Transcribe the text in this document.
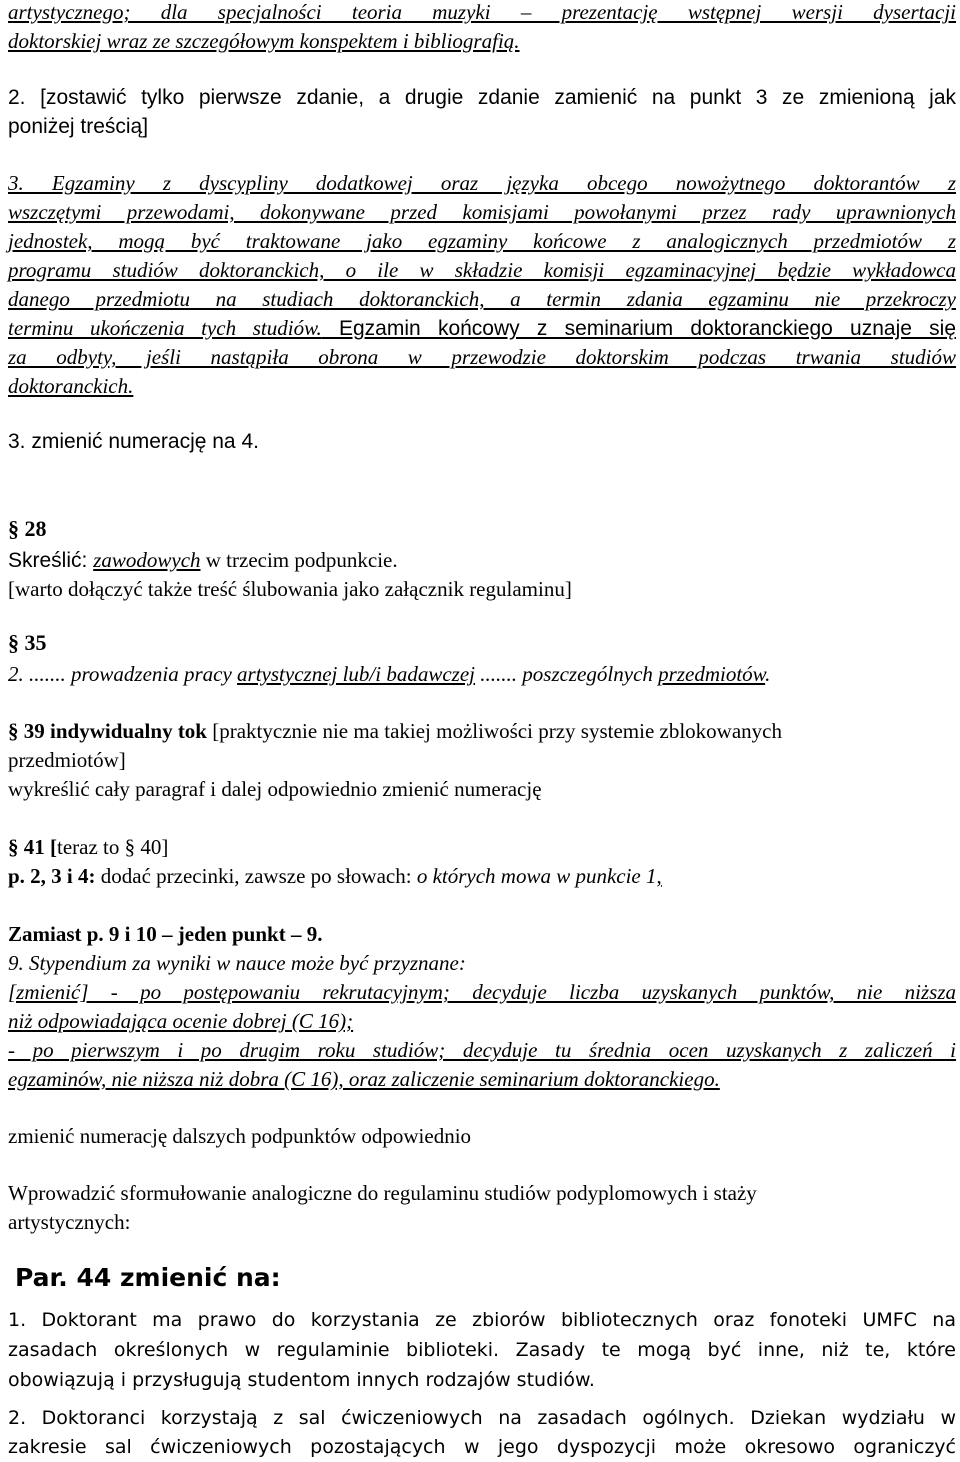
artystycznego; dla specjalności teoria muzyki – prezentację wstępnej wersji dysertacji
doktorskiej wraz ze szczegółowym konspektem i bibliografią.
2. [zostawić tylko pierwsze zdanie, a drugie zdanie zamienić na punkt 3 ze zmienioną jak
poniżej treścią]
3. Egzaminy z dyscypliny dodatkowej oraz języka obcego nowożytnego doktorantów z
wszczętymi przewodami, dokonywane przed komisjami powołanymi przez rady uprawnionych
jednostek, mogą być traktowane jako egzaminy końcowe z analogicznych przedmiotów z
programu studiów doktoranckich, o ile w składzie komisji egzaminacyjnej będzie wykładowca
danego przedmiotu na studiach doktoranckich, a termin zdania egzaminu nie przekroczy
terminu ukończenia tych studiów. Egzamin końcowy z seminarium doktoranckiego uznaje się
za odbyty, jeśli nastąpiła obrona w przewodzie doktorskim podczas trwania studiów
doktoranckich.
3. zmienić numerację na 4.
§ 28
Skreślić: zawodowych w trzecim podpunkcie.
[warto dołączyć także treść ślubowania jako załącznik regulaminu]
§ 35
2. ....... prowadzenia pracy artystycznej lub/i badawczej ....... poszczególnych przedmiotów.
§ 39 indywidualny tok [praktycznie nie ma takiej możliwości przy systemie zblokowanych
przedmiotów]
wykreślić cały paragraf i dalej odpowiednio zmienić numerację
§ 41 [teraz to § 40]
p. 2, 3 i 4: dodać przecinki, zawsze po słowach: o których mowa w punkcie 1,
Zamiast p. 9 i 10 – jeden punkt – 9.
9. Stypendium za wyniki w nauce może być przyznane:
[zmienić] - po postępowaniu rekrutacyjnym; decyduje liczba uzyskanych punktów, nie niższa
niż odpowiadająca ocenie dobrej (C 16);
- po pierwszym i po drugim roku studiów; decyduje tu średnia ocen uzyskanych z zaliczeń i
egzaminów, nie niższa niż dobra (C 16), oraz zaliczenie seminarium doktoranckiego.
zmienić numerację dalszych podpunktów odpowiednio
Wprowadzić sformułowanie analogiczne do regulaminu studiów podyplomowych i staży
artystycznych:
Par. 44 zmienić na:
1. Doktorant ma prawo do korzystania ze zbiorów bibliotecznych oraz fonoteki UMFC na
zasadach określonych w regulaminie biblioteki. Zasady te mogą być inne, niż te, które
obowiązują i przysługują studentom innych rodzajów studiów.
2. Doktoranci korzystają z sal ćwiczeniowych na zasadach ogólnych. Dziekan wydziału w
zakresie sal ćwiczeniowych pozostających w jego dyspozycji może okresowo ograniczyć
